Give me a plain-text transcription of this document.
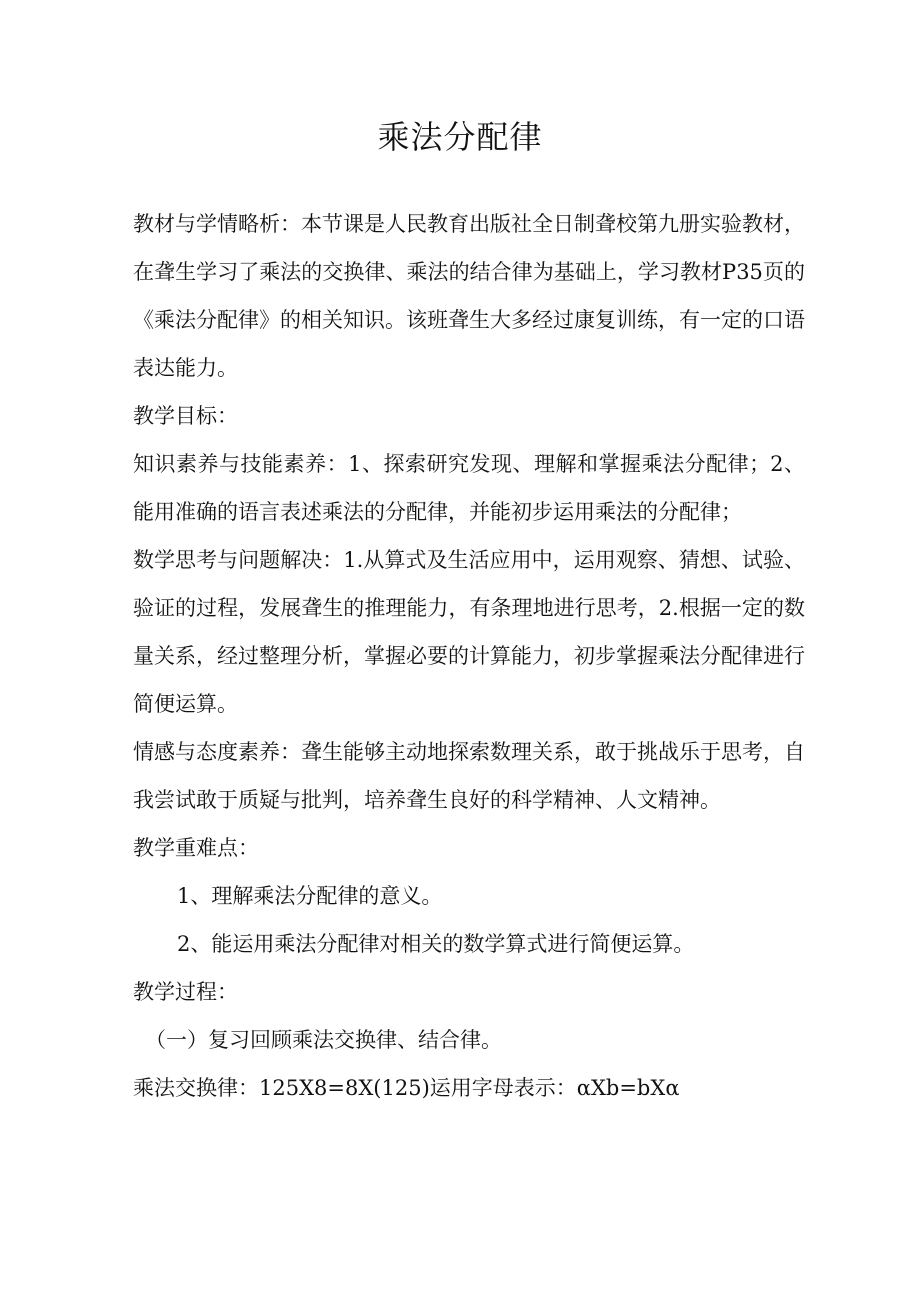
乘法分配律

教材与学情略析：本节课是人民教育出版社全日制聋校第九册实验教材，在聋生学习了乘法的交换律、乘法的结合律为基础上，学习教材P35页的《乘法分配律》的相关知识。该班聋生大多经过康复训练，有一定的口语表达能力。

教学目标：

知识素养与技能素养：1、探索研究发现、理解和掌握乘法分配律；2、能用准确的语言表述乘法的分配律，并能初步运用乘法的分配律；

数学思考与问题解决：1.从算式及生活应用中，运用观察、猜想、试验、验证的过程，发展聋生的推理能力，有条理地进行思考，2.根据一定的数量关系，经过整理分析，掌握必要的计算能力，初步掌握乘法分配律进行简便运算。

情感与态度素养：聋生能够主动地探索数理关系，敢于挑战乐于思考，自我尝试敢于质疑与批判，培养聋生良好的科学精神、人文精神。

教学重难点：

1、理解乘法分配律的意义。

2、能运用乘法分配律对相关的数学算式进行简便运算。

教学过程：

（一）复习回顾乘法交换律、结合律。

乘法交换律：125X8=8X(125)运用字母表示：αXb=bXα
